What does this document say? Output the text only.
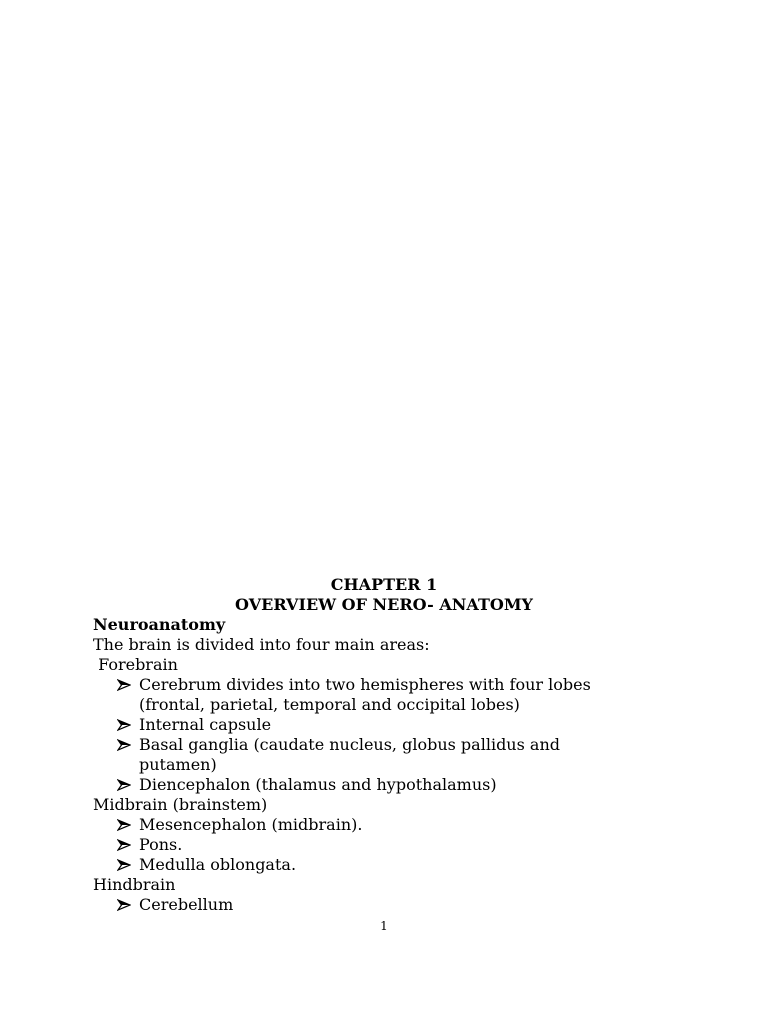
CHAPTER 1
OVERVIEW OF NERO- ANATOMY
Neuroanatomy
The brain is divided into four main areas:
Forebrain
Cerebrum divides into two hemispheres with four lobes
(frontal, parietal, temporal and occipital lobes)
Internal capsule
Basal ganglia (caudate nucleus, globus pallidus and
putamen)
Diencephalon (thalamus and hypothalamus)
Midbrain (brainstem)
Mesencephalon (midbrain).
Pons.
Medulla oblongata.
Hindbrain
Cerebellum
1
